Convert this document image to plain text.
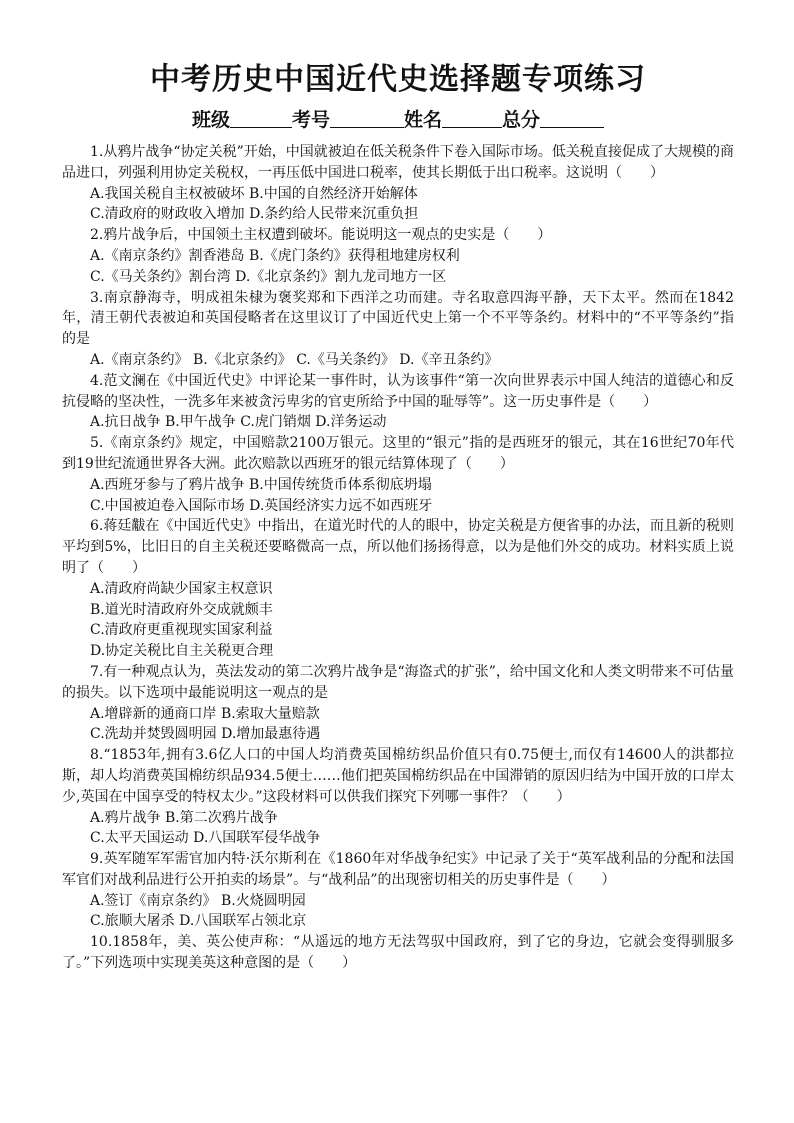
中考历史中国近代史选择题专项练习
班级	考号	姓名	总分

1.从鸦片战争“协定关税”开始，中国就被迫在低关税条件下卷入国际市场。低关税直接促成了大规模的商品进口，列强利用协定关税权，一再压低中国进口税率，使其长期低于出口税率。这说明（　　）

A.我国关税自主权被破坏 B.中国的自然经济开始解体

C.清政府的财政收入增加 D.条约给人民带来沉重负担

2.鸦片战争后，中国领土主权遭到破坏。能说明这一观点的史实是（　　）

A.《南京条约》割香港岛 B.《虎门条约》获得租地建房权利

C.《马关条约》割台湾 D.《北京条约》割九龙司地方一区

3.南京静海寺，明成祖朱棣为褒奖郑和下西洋之功而建。寺名取意四海平静，天下太平。然而在1842年，清王朝代表被迫和英国侵略者在这里议订了中国近代史上第一个不平等条约。材料中的“不平等条约”指的是

A.《南京条约》 B.《北京条约》 C.《马关条约》 D.《辛丑条约》

4.范文澜在《中国近代史》中评论某一事件时，认为该事件“第一次向世界表示中国人纯洁的道德心和反抗侵略的坚决性，一洗多年来被贪污卑劣的官吏所给予中国的耻辱等”。这一历史事件是（　　）

A.抗日战争 B.甲午战争 C.虎门销烟 D.洋务运动

5.《南京条约》规定，中国赔款2100万银元。这里的“银元”指的是西班牙的银元，其在16世纪70年代到19世纪流通世界各大洲。此次赔款以西班牙的银元结算体现了（　　）

A.西班牙参与了鸦片战争 B.中国传统货币体系彻底坍塌

C.中国被迫卷入国际市场 D.英国经济实力远不如西班牙

6.蒋廷黻在《中国近代史》中指出，在道光时代的人的眼中，协定关税是方便省事的办法，而且新的税则平均到5%，比旧日的自主关税还要略微高一点，所以他们扬扬得意，以为是他们外交的成功。材料实质上说明了（　　）

A.清政府尚缺少国家主权意识

B.道光时清政府外交成就颇丰

C.清政府更重视现实国家利益

D.协定关税比自主关税更合理

7.有一种观点认为，英法发动的第二次鸦片战争是“海盗式的扩张”，给中国文化和人类文明带来不可估量的损失。以下选项中最能说明这一观点的是

A.增辟新的通商口岸 B.索取大量赔款

C.洗劫并焚毁圆明园 D.增加最惠待遇

8.“1853年,拥有3.6亿人口的中国人均消费英国棉纺织品价值只有0.75便士,而仅有14600人的洪都拉斯，却人均消费英国棉纺织品934.5便士……他们把英国棉纺织品在中国滞销的原因归结为中国开放的口岸太少,英国在中国享受的特权太少。”这段材料可以供我们探究下列哪一事件？（　　）

A.鸦片战争 B.第二次鸦片战争

C.太平天国运动 D.八国联军侵华战争

9.英军随军军需官加内特·沃尔斯利在《1860年对华战争纪实》中记录了关于“英军战利品的分配和法国军官们对战利品进行公开拍卖的场景”。与“战利品”的出现密切相关的历史事件是（　　）

A.签订《南京条约》 B.火烧圆明园

C.旅顺大屠杀 D.八国联军占领北京

10.1858年，美、英公使声称：“从遥远的地方无法驾驭中国政府，到了它的身边，它就会变得驯服多了。”下列选项中实现美英这种意图的是（　　）
